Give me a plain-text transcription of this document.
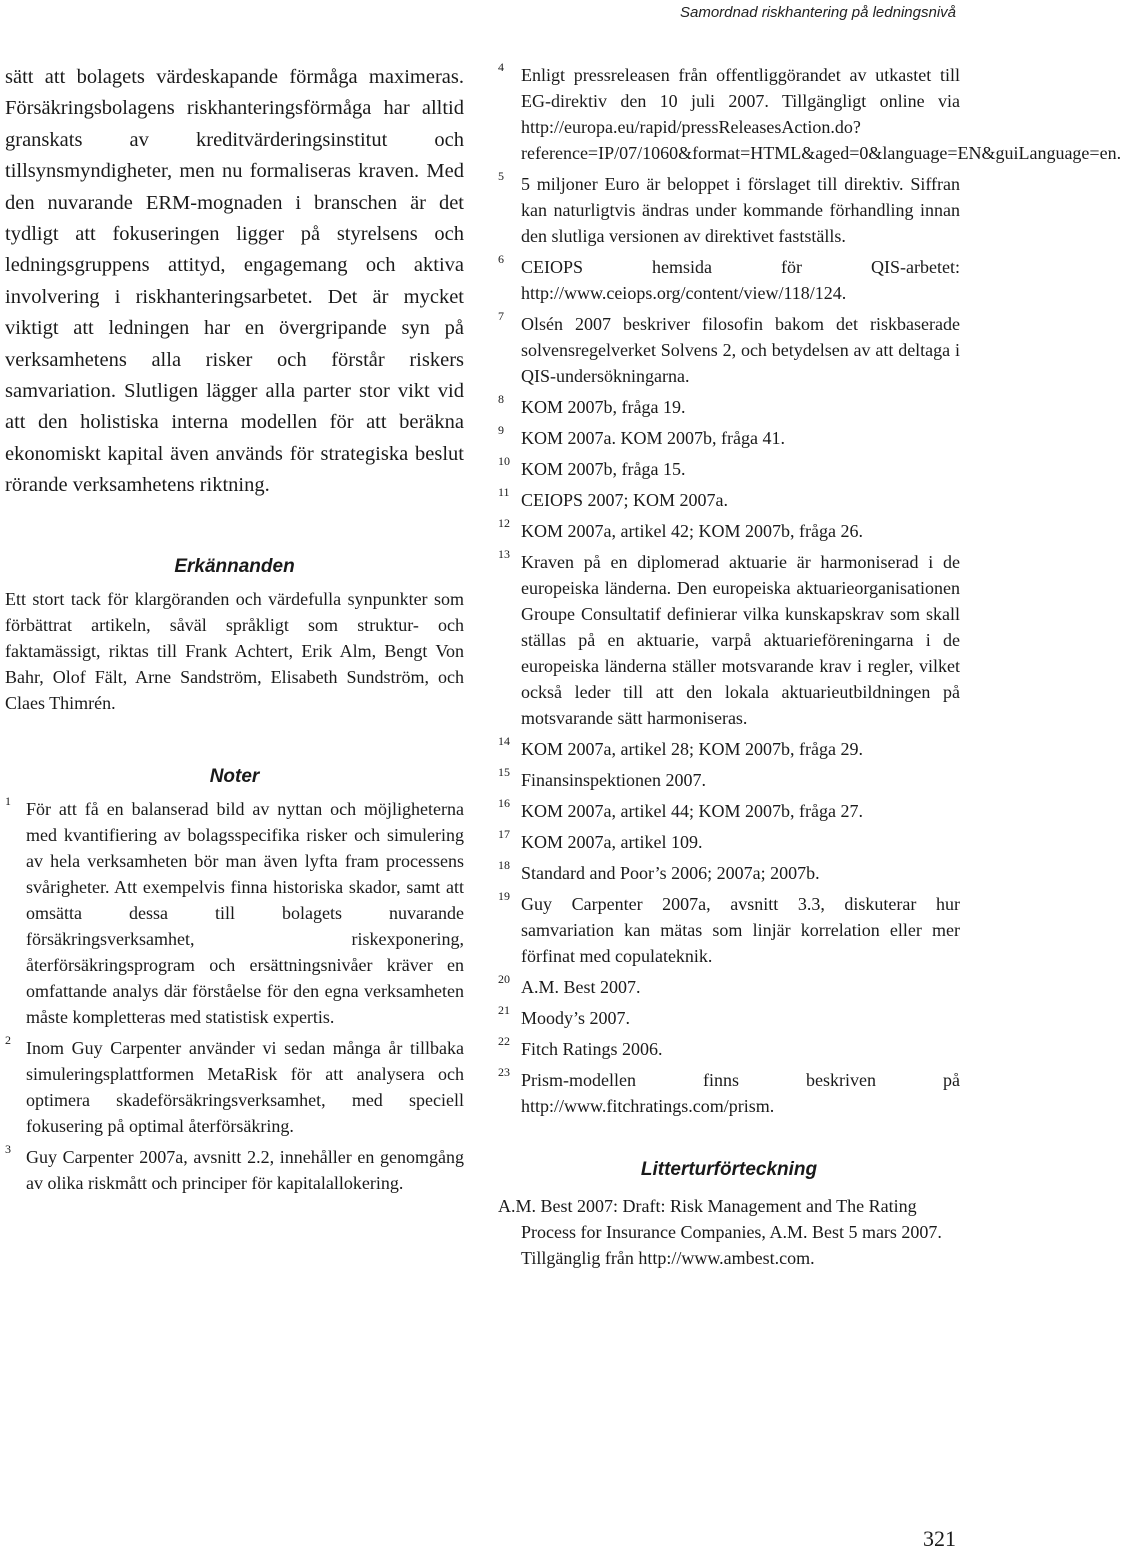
Samordnad riskhantering på ledningsnivå

sätt att bolagets värdeskapande förmåga maximeras. Försäkringsbolagens riskhanteringsförmåga har alltid granskats av kreditvärderingsinstitut och tillsynsmyndigheter, men nu formaliseras kraven. Med den nuvarande ERM-mognaden i branschen är det tydligt att fokuseringen ligger på styrelsens och ledningsgruppens attityd, engagemang och aktiva involvering i riskhanteringsarbetet. Det är mycket viktigt att ledningen har en övergripande syn på verksamhetens alla risker och förstår riskers samvariation. Slutligen lägger alla parter stor vikt vid att den holistiska interna modellen för att beräkna ekonomiskt kapital även används för strategiska beslut rörande verksamhetens riktning.

Erkännanden

Ett stort tack för klargöranden och värdefulla synpunkter som förbättrat artikeln, såväl språkligt som struktur- och faktamässigt, riktas till Frank Achtert, Erik Alm, Bengt Von Bahr, Olof Fält, Arne Sandström, Elisabeth Sundström, och Claes Thimrén.

Noter
1 För att få en balanserad bild av nyttan och möjligheterna med kvantifiering av bolagsspecifika risker och simulering av hela verksamheten bör man även lyfta fram processens svårigheter. Att exempelvis finna historiska skador, samt att omsätta dessa till bolagets nuvarande försäkringsverksamhet, riskexponering, återförsäkringsprogram och ersättningsnivåer kräver en omfattande analys där förståelse för den egna verksamheten måste kompletteras med statistisk expertis.
2 Inom Guy Carpenter använder vi sedan många år tillbaka simuleringsplattformen MetaRisk för att analysera och optimera skadeförsäkringsverksamhet, med speciell fokusering på optimal återförsäkring.
3 Guy Carpenter 2007a, avsnitt 2.2, innehåller en genomgång av olika riskmått och principer för kapitalallokering.
4 Enligt pressreleasen från offentliggörandet av utkastet till EG-direktiv den 10 juli 2007. Tillgängligt online via http://europa.eu/rapid/pressReleasesAction.do?reference=IP/07/1060&format=HTML&aged=0&language=EN&guiLanguage=en.
5 5 miljoner Euro är beloppet i förslaget till direktiv. Siffran kan naturligtvis ändras under kommande förhandling innan den slutliga versionen av direktivet fastställs.
6 CEIOPS hemsida för QIS-arbetet: http://www.ceiops.org/content/view/118/124.
7 Olsén 2007 beskriver filosofin bakom det riskbaserade solvensregelverket Solvens 2, och betydelsen av att deltaga i QIS-undersökningarna.
8 KOM 2007b, fråga 19.
9 KOM 2007a. KOM 2007b, fråga 41.
10 KOM 2007b, fråga 15.
11 CEIOPS 2007; KOM 2007a.
12 KOM 2007a, artikel 42; KOM 2007b, fråga 26.
13 Kraven på en diplomerad aktuarie är harmoniserad i de europeiska länderna. Den europeiska aktuarieorganisationen Groupe Consultatif definierar vilka kunskapskrav som skall ställas på en aktuarie, varpå aktuarieföreningarna i de europeiska länderna ställer motsvarande krav i regler, vilket också leder till att den lokala aktuarieutbildningen på motsvarande sätt harmoniseras.
14 KOM 2007a, artikel 28; KOM 2007b, fråga 29.
15 Finansinspektionen 2007.
16 KOM 2007a, artikel 44; KOM 2007b, fråga 27.
17 KOM 2007a, artikel 109.
18 Standard and Poor’s 2006; 2007a; 2007b.
19 Guy Carpenter 2007a, avsnitt 3.3, diskuterar hur samvariation kan mätas som linjär korrelation eller mer förfinat med copulateknik.
20 A.M. Best 2007.
21 Moody’s 2007.
22 Fitch Ratings 2006.
23 Prism-modellen finns beskriven på http://www.fitchratings.com/prism.
Litterturförteckning

A.M. Best 2007: Draft: Risk Management and The Rating Process for Insurance Companies, A.M. Best 5 mars 2007. Tillgänglig från http://www.ambest.com.

321
